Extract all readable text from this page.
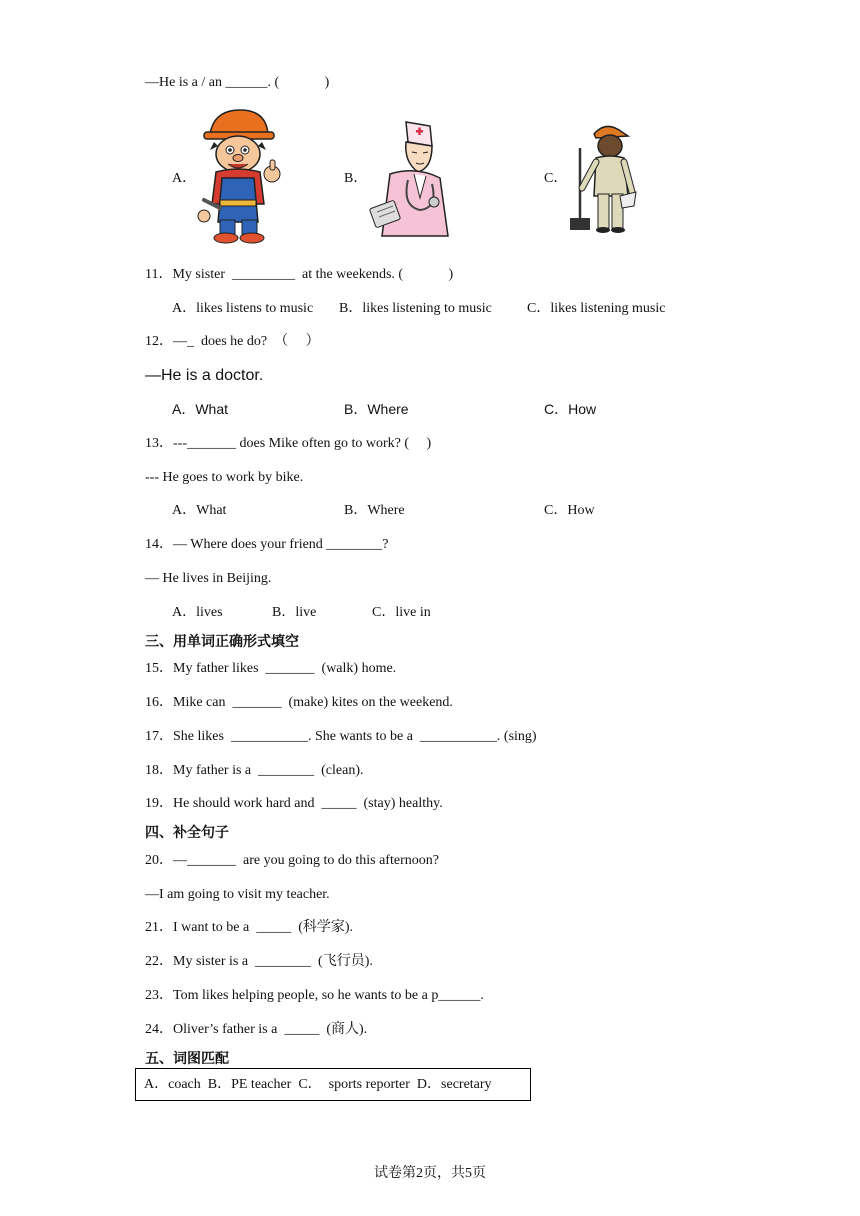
—He is a / an ______. (             )
A．	B．	C．
11．My sister  _________  at the weekends. (             )
A．likes listens to music B．likes listening to music	C．likes listening music
12．—_  does he do?  （     ）
—He is a doctor.
A．What	B．Where	C．How
13．---_______ does Mike often go to work? (     )
--- He goes to work by bike.
A．What	B．Where	C．How
14．— Where does your friend ________?
— He lives in Beijing.
A．lives	B．live	C．live in
三、用单词正确形式填空
15．My father likes  _______  (walk) home.
16．Mike can  _______  (make) kites on the weekend.
17．She likes  ___________. She wants to be a  ___________. (sing)
18．My father is a  ________  (clean).
19．He should work hard and  _____  (stay) healthy.
四、补全句子
20．—_______  are you going to do this afternoon?
—I am going to visit my teacher.
21．I want to be a  _____  (科学家).
22．My sister is a  ________  (飞行员).
23．Tom likes helping people, so he wants to be a p______.
24．Oliver’s father is a  _____  (商人).
五、词图匹配
A．coach  B．PE teacher  C．  sports reporter  D．secretary
试卷第2页，共5页
